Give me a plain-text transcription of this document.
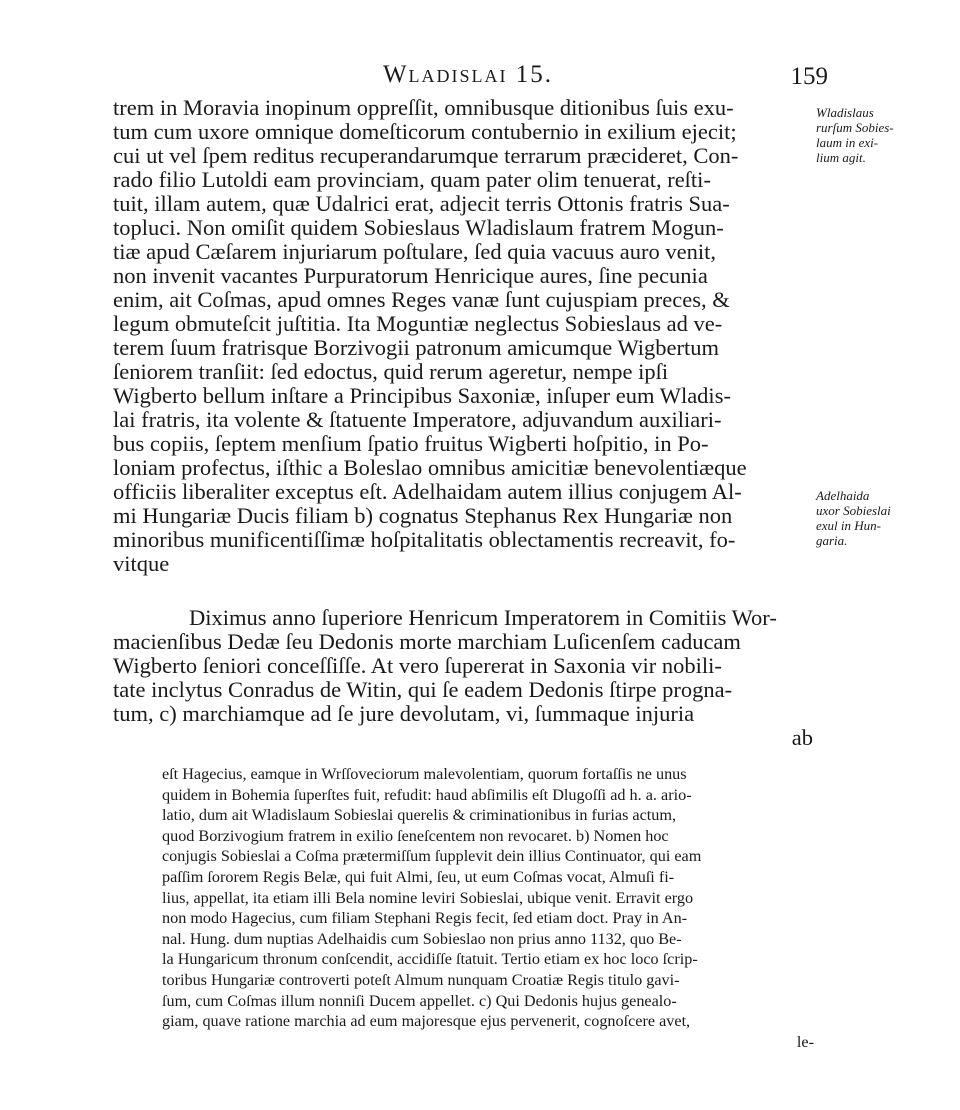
Wladislai 15.	159
trem in Moravia inopinum oppreſſit, omnibusque ditionibus ſuis exu-
tum cum uxore omnique domeſticorum contubernio in exilium ejecit;
cui ut vel ſpem reditus recuperandarumque terrarum præcideret, Con-
rado filio Lutoldi eam provinciam, quam pater olim tenuerat, reſti-
tuit, illam autem, quæ Udalrici erat, adjecit terris Ottonis fratris Sua-
topluci. Non omiſit quidem Sobieslaus Wladislaum fratrem Mogun-
tiæ apud Cæſarem injuriarum poſtulare, ſed quia vacuus auro venit,
non invenit vacantes Purpuratorum Henricique aures, ſine pecunia
enim, ait Coſmas, apud omnes Reges vanæ ſunt cujuspiam preces, &
legum obmuteſcit juſtitia. Ita Moguntiæ neglectus Sobieslaus ad ve-
terem ſuum fratrisque Borzivogii patronum amicumque Wigbertum
ſeniorem tranſiit: ſed edoctus, quid rerum ageretur, nempe ipſi
Wigberto bellum inſtare a Principibus Saxoniæ, inſuper eum Wladis-
lai fratris, ita volente & ſtatuente Imperatore, adjuvandum auxiliari-
bus copiis, ſeptem menſium ſpatio fruitus Wigberti hoſpitio, in Po-
loniam profectus, iſthic a Boleslao omnibus amicitiæ benevolentiæque
officiis liberaliter exceptus eſt. Adelhaidam autem illius conjugem Al-
mi Hungariæ Ducis filiam b) cognatus Stephanus Rex Hungariæ non
minoribus munificentiſſimæ hoſpitalitatis oblectamentis recreavit, fo-
vitque
Wladislaus
rurſum Sobies-
laum in exi-
lium agit.
Adelhaida
uxor Sobieslai
exul in Hun-
garia.
Diximus anno ſuperiore Henricum Imperatorem in Comitiis Wor-
macienſibus Dedæ ſeu Dedonis morte marchiam Luſicenſem caducam
Wigberto ſeniori conceſſiſſe. At vero ſupererat in Saxonia vir nobili-
tate inclytus Conradus de Witin, qui ſe eadem Dedonis ſtirpe progna-
tum, c) marchiamque ad ſe jure devolutam, vi, ſummaque injuria
ab
eſt Hagecius, eamque in Wrſſoveciorum malevolentiam, quorum fortaſſis ne unus
quidem in Bohemia ſuperſtes fuit, refudit: haud abſimilis eſt Dlugoſſi ad h. a. ario-
latio, dum ait Wladislaum Sobieslai querelis & criminationibus in furias actum,
quod Borzivogium fratrem in exilio ſeneſcentem non revocaret. b) Nomen hoc
conjugis Sobieslai a Coſma prætermiſſum ſupplevit dein illius Continuator, qui eam
paſſim ſororem Regis Belæ, qui fuit Almi, ſeu, ut eum Coſmas vocat, Almuſi fi-
lius, appellat, ita etiam illi Bela nomine leviri Sobieslai, ubique venit. Erravit ergo
non modo Hagecius, cum filiam Stephani Regis fecit, ſed etiam doct. Pray in An-
nal. Hung. dum nuptias Adelhaidis cum Sobieslao non prius anno 1132, quo Be-
la Hungaricum thronum conſcendit, accidiſſe ſtatuit. Tertio etiam ex hoc loco ſcrip-
toribus Hungariæ controverti poteſt Almum nunquam Croatiæ Regis titulo gavi-
ſum, cum Coſmas illum nonniſi Ducem appellet. c) Qui Dedonis hujus genealo-
giam, quave ratione marchia ad eum majoresque ejus pervenerit, cognoſcere avet,
le-
